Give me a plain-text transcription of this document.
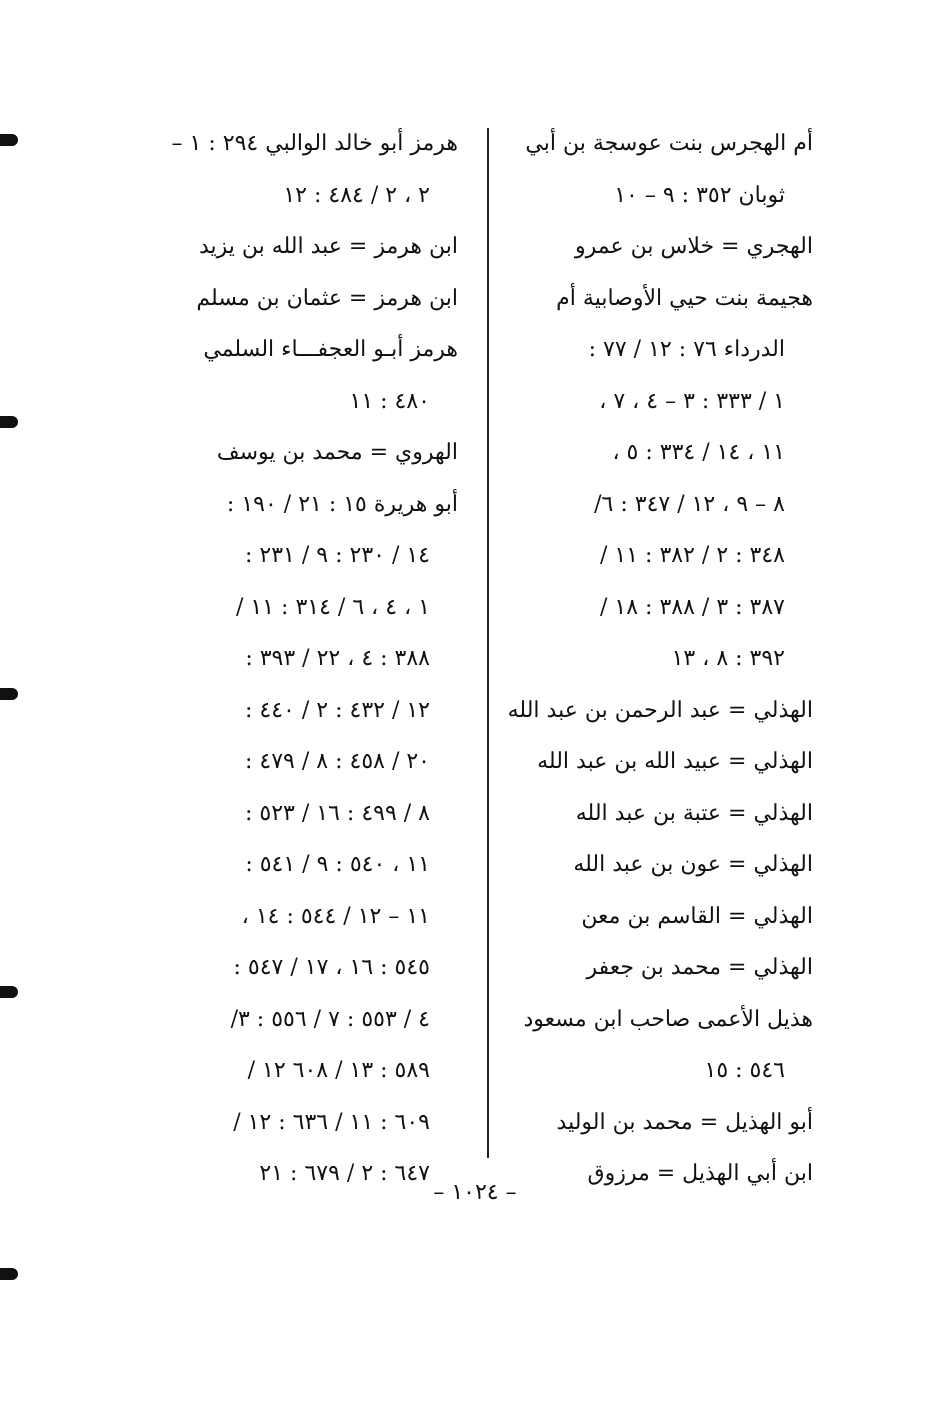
أم الهجرس بنت عوسجة بن أبي
ثوبان ٣٥٢ : ٩ – ١٠
الهجري = خلاس بن عمرو
هجيمة بنت حيي الأوصابية أم
الدرداء ٧٦ : ١٢ / ٧٧ :
١ / ٣٣٣ : ٣ – ٤ ، ٧ ،
١١ ، ١٤ / ٣٣٤ : ٥ ،
٨ – ٩ ، ١٢ / ٣٤٧ : ٦/
٣٤٨ : ٢ / ٣٨٢ : ١١ /
٣٨٧ : ٣ / ٣٨٨ : ١٨ /
٣٩٢ : ٨ ، ١٣
الهذلي = عبد الرحمن بن عبد الله
الهذلي = عبيد الله بن عبد الله
الهذلي = عتبة بن عبد الله
الهذلي = عون بن عبد الله
الهذلي = القاسم بن معن
الهذلي = محمد بن جعفر
هذيل الأعمى صاحب ابن مسعود
٥٤٦ : ١٥
أبو الهذيل = محمد بن الوليد
ابن أبي الهذيل = مرزوق
هرمز أبو خالد الوالبي ٢٩٤ : ١ –
٢ ، ٢ / ٤٨٤ : ١٢
ابن هرمز = عبد الله بن يزيد
ابن هرمز = عثمان بن مسلم
هرمز أبـو العجفـــاء السلمي
٤٨٠ : ١١
الهروي = محمد بن يوسف
أبو هريرة ١٥ : ٢١ / ١٩٠ :
١٤ / ٢٣٠ : ٩ / ٢٣١ :
١ ، ٤ ، ٦ / ٣١٤ : ١١ /
٣٨٨ : ٤ ، ٢٢ / ٣٩٣ :
١٢ / ٤٣٢ : ٢ / ٤٤٠ :
٢٠ / ٤٥٨ : ٨ / ٤٧٩ :
٨ / ٤٩٩ : ١٦ / ٥٢٣ :
١١ ، ٥٤٠ : ٩ / ٥٤١ :
١١ – ١٢ / ٥٤٤ : ١٤ ،
٥٤٥ : ١٦ ، ١٧ / ٥٤٧ :
٤ / ٥٥٣ : ٧ / ٥٥٦ : ٣/
٥٨٩ : ١٣ / ٦٠٨ ١٢ /
٦٠٩ : ١١ / ٦٣٦ : ١٢ /
٦٤٧ : ٢ / ٦٧٩ : ٢١
– ١٠٢٤ –
